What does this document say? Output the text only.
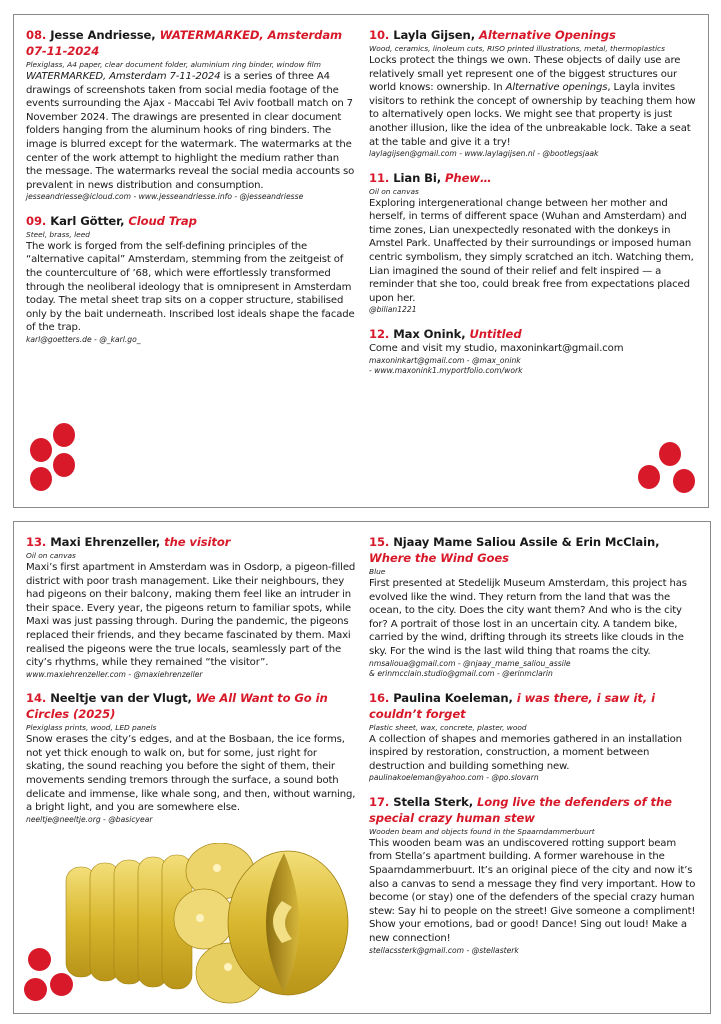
08. Jesse Andriesse, WATERMARKED, Amsterdam 07-11-2024
Plexiglass, A4 paper, clear document folder, aluminium ring binder, window film
WATERMARKED, Amsterdam 7-11-2024 is a series of three A4 drawings of screenshots taken from social media footage of the events surrounding the Ajax - Maccabi Tel Aviv football match on 7 November 2024. The drawings are presented in clear document folders hanging from the aluminum hooks of ring binders. The image is blurred except for the watermark. The watermarks at the center of the work attempt to highlight the medium rather than the message. The watermarks reveal the social media accounts so prevalent in news distribution and consumption.
jesseandriesse@icloud.com - www.jesseandriesse.info - @jesseandriesse
09. Karl Götter, Cloud Trap
Steel, brass, leed
The work is forged from the self-defining principles of the “alternative capital” Amsterdam, stemming from the zeitgeist of the counterculture of ’68, which were effortlessly transformed through the neoliberal ideology that is omnipresent in Amsterdam today. The metal sheet trap sits on a copper structure, stabilised only by the bait underneath. Inscribed lost ideals shape the facade of the trap.
karl@goetters.de - @_karl.go_
10. Layla Gijsen, Alternative Openings
Wood, ceramics, linoleum cuts, RISO printed illustrations, metal, thermoplastics
Locks protect the things we own. These objects of daily use are relatively small yet represent one of the biggest structures our world knows: ownership. In Alternative openings, Layla invites visitors to rethink the concept of ownership by teaching them how to alternatively open locks. We might see that property is just another illusion, like the idea of the unbreakable lock. Take a seat at the table and give it a try!
laylagijsen@gmail.com - www.laylagijsen.nl - @bootlegsjaak
11. Lian Bi, Phew…
Oil on canvas
Exploring intergenerational change between her mother and herself, in terms of different space (Wuhan and Amsterdam) and time zones, Lian unexpectedly resonated with the donkeys in Amstel Park. Unaffected by their surroundings or imposed human centric symbolism, they simply scratched an itch. Watching them, Lian imagined the sound of their relief and felt inspired — a reminder that she too, could break free from expectations placed upon her.
@bilian1221
12. Max Onink, Untitled
Come and visit my studio, maxoninkart@gmail.com
maxoninkart@gmail.com - @max_onink
- www.maxonink1.myportfolio.com/work
13. Maxi Ehrenzeller, the visitor
Oil on canvas
Maxi’s first apartment in Amsterdam was in Osdorp, a pigeon-filled district with poor trash management. Like their neighbours, they had pigeons on their balcony, making them feel like an intruder in their space. Every year, the pigeons return to familiar spots, while Maxi was just passing through. During the pandemic, the pigeons replaced their friends, and they became fascinated by them. Maxi realised the pigeons were the true locals, seamlessly part of the city’s rhythms, while they remained “the visitor”.
www.maxiehrenzeller.com - @maxiehrenzeller
14. Neeltje van der Vlugt, We All Want to Go in Circles (2025)
Plexiglass prints, wood, LED panels
Snow erases the city’s edges, and at the Bosbaan, the ice forms, not yet thick enough to walk on, but for some, just right for skating, the sound reaching you before the sight of them, their movements sending tremors through the surface, a sound both delicate and immense, like whale song, and then, without warning, a bright light, and you are somewhere else.
neeltje@neeltje.org - @basicyear
15. Njaay Mame Saliou Assile & Erin McClain, Where the Wind Goes
Blue
First presented at Stedelijk Museum Amsterdam, this project has evolved like the wind. They return from the land that was the ocean, to the city. Does the city want them? And who is the city for? A portrait of those lost in an uncertain city. A tandem bike, carried by the wind, drifting through its streets like clouds in the sky. For the wind is the last wild thing that roams the city.
nmsalioua@gmail.com - @njaay_mame_saliou_assile
& erinmcclain.studio@gmail.com - @erinmclarin
16. Paulina Koeleman, i was there, i saw it, i couldn’t forget
Plastic sheet, wax, concrete, plaster, wood
A collection of shapes and memories gathered in an installation inspired by restoration, construction, a moment between destruction and building something new.
paulinakoeleman@yahoo.com - @po.slovarn
17. Stella Sterk, Long live the defenders of the special crazy human stew
Wooden beam and objects found in the Spaarndammerbuurt
This wooden beam was an undiscovered rotting support beam from Stella’s apartment building. A former warehouse in the Spaarndammerbuurt. It’s an original piece of the city and now it’s also a canvas to send a message they find very important. How to become (or stay) one of the defenders of the special crazy human stew: Say hi to people on the street! Give someone a compliment! Show your emotions, bad or good! Dance! Sing out loud! Make a new connection!
stellacssterk@gmail.com - @stellasterk
